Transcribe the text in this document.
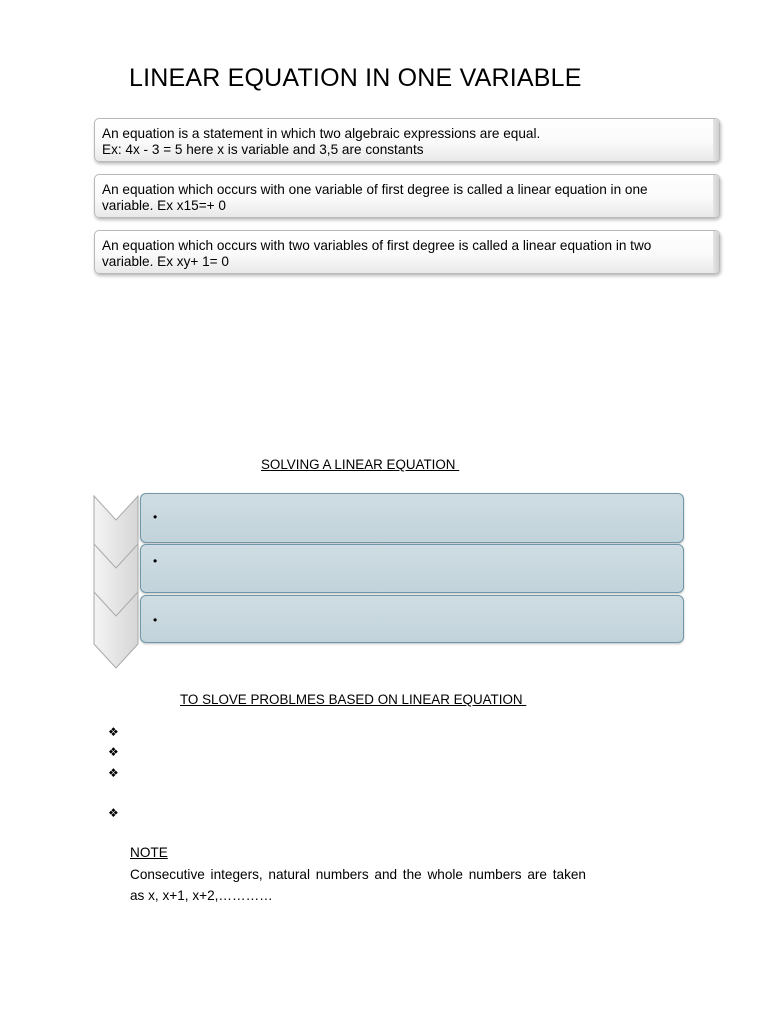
LINEAR EQUATION IN ONE VARIABLE
An equation is a statement in which two algebraic expressions are equal.
Ex: 4x - 3 = 5 here x is variable and 3,5 are constants
An equation which occurs with one variable of first degree is called a linear equation in one
variable. Ex x15=+ 0
An equation which occurs with two variables of first degree is called a linear equation in two
variable. Ex xy+ 1= 0
SOLVING A LINEAR EQUATION
•
•
•
TO SLOVE PROBLMES BASED ON LINEAR EQUATION
❖
❖
❖
❖
NOTE
Consecutive integers, natural numbers and the whole numbers are taken as x, x+1, x+2,…………
